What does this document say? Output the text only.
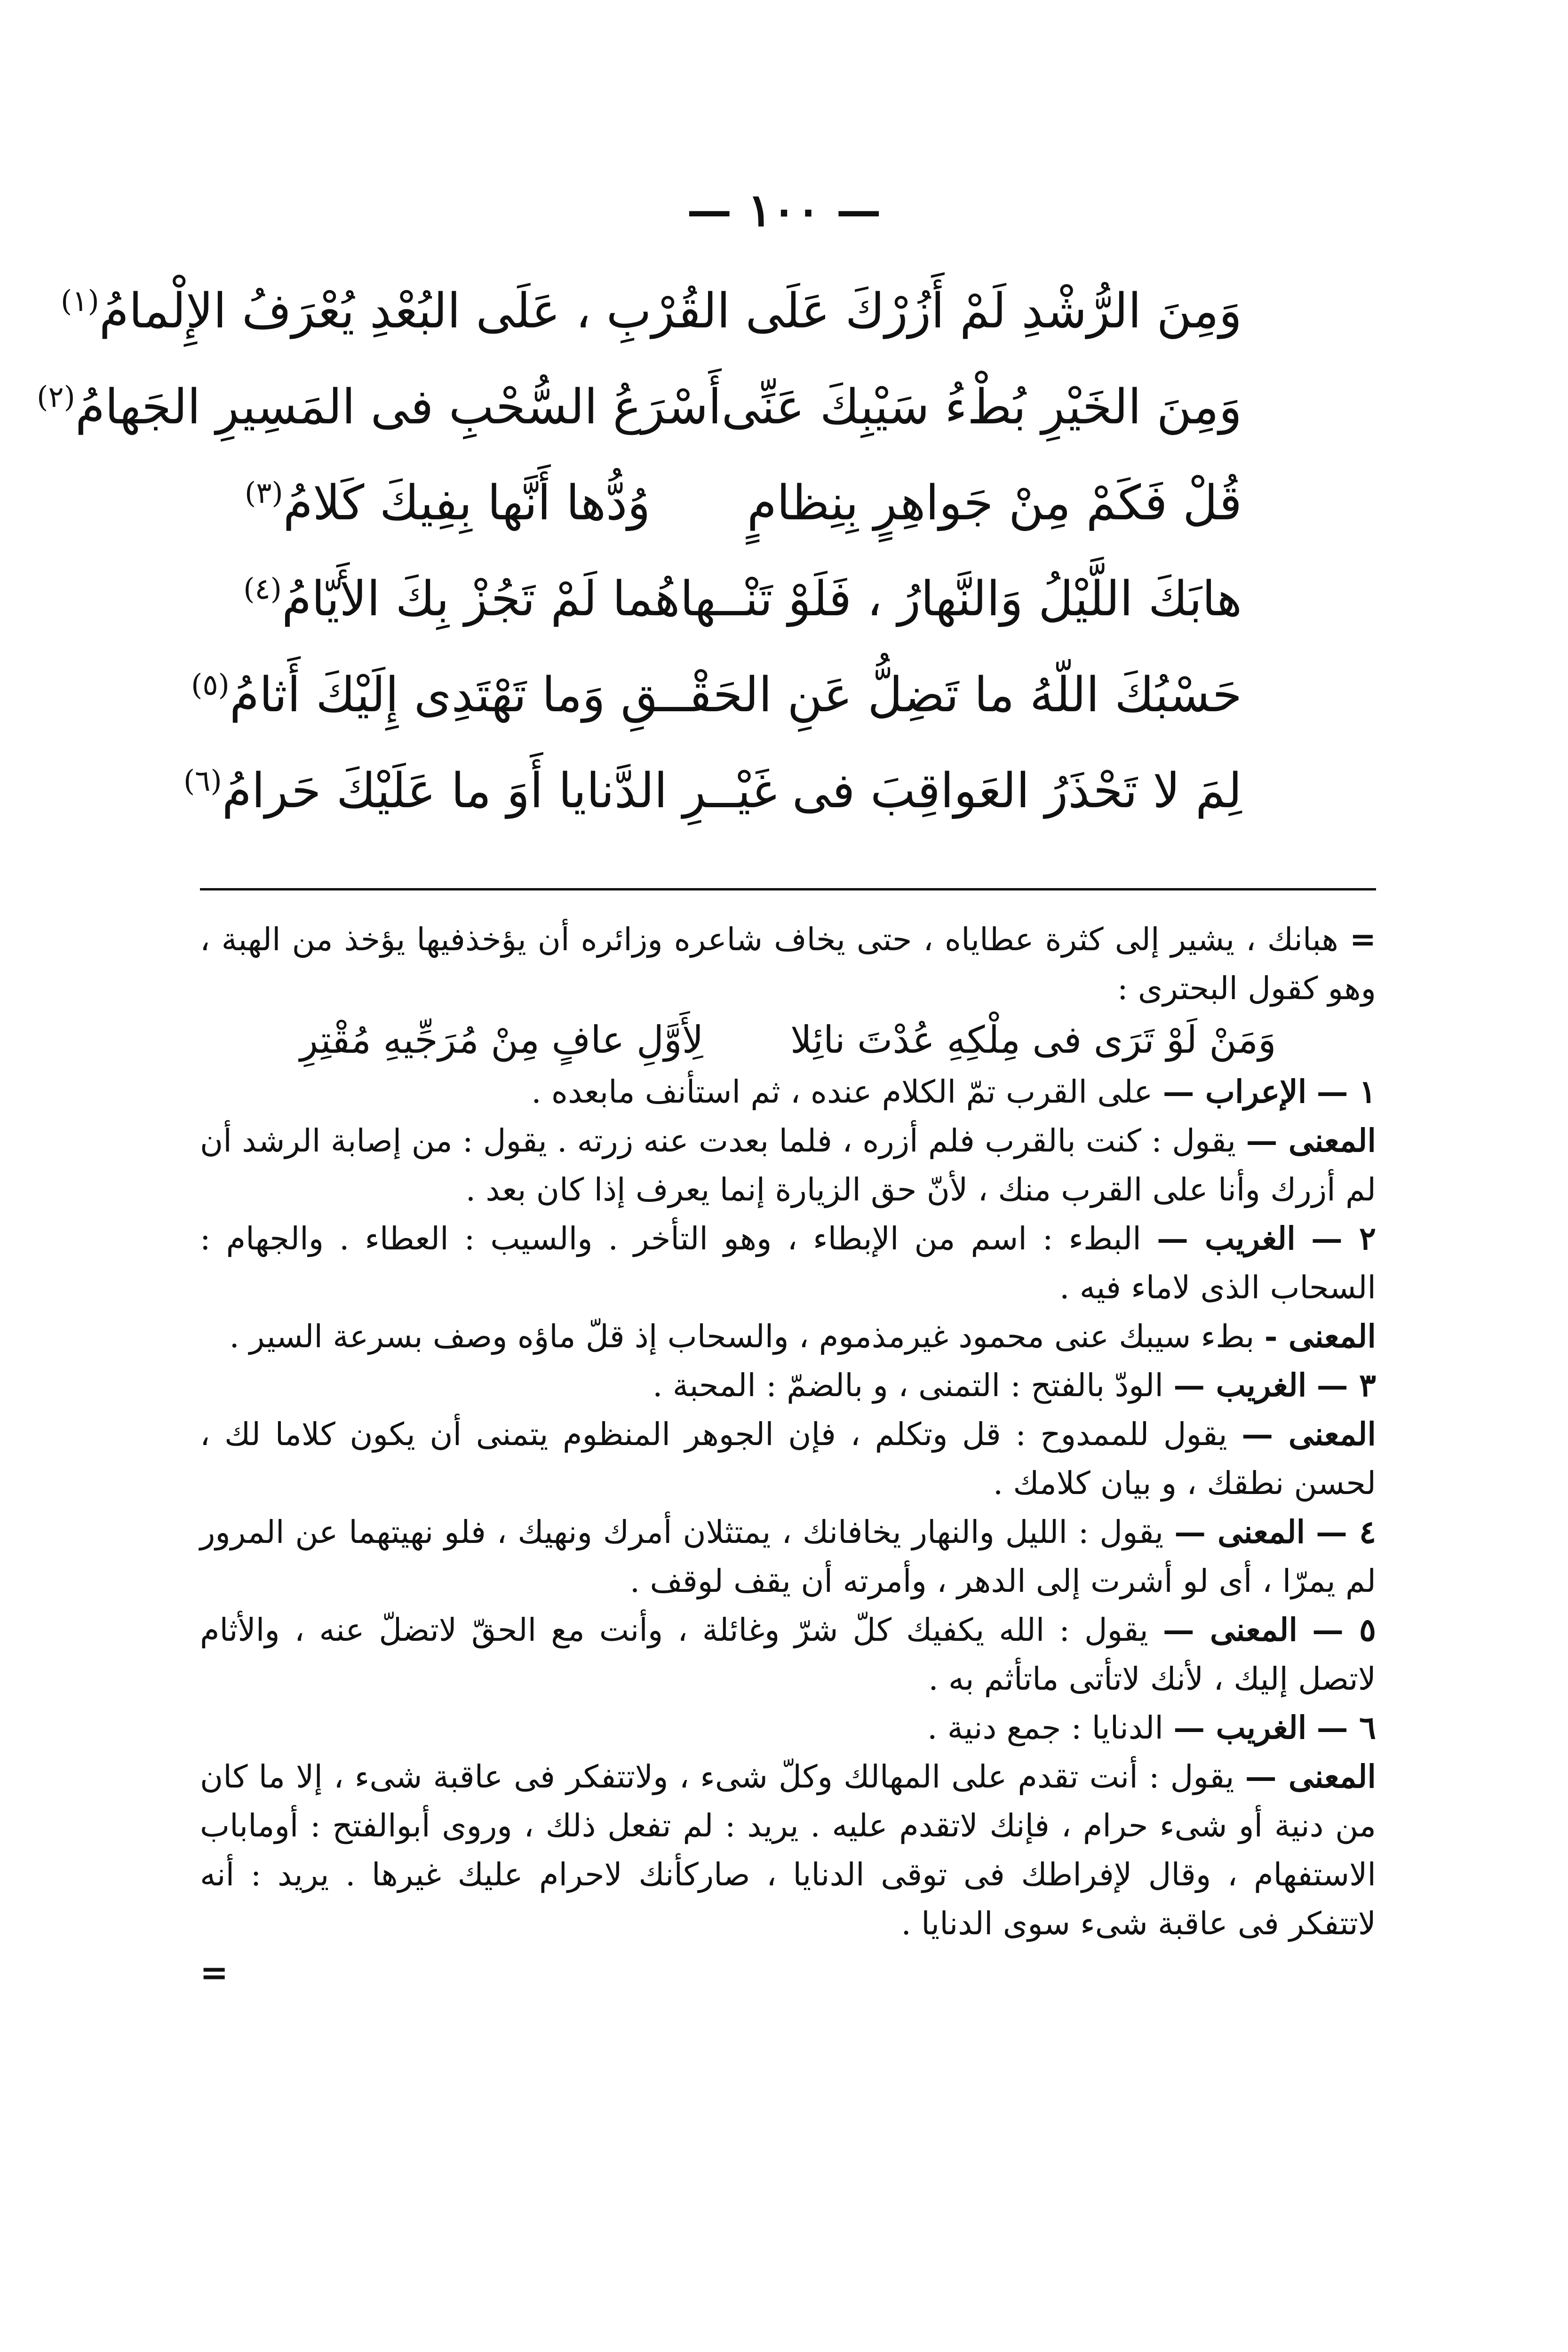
— ١٠٠ —
وَمِنَ الرُّشْدِ لَمْ أَزُرْكَ عَلَى القُرْ
بِ ، عَلَى البُعْدِ يُعْرَفُ الإِلْمامُ$^{(١)}$
وَمِنَ الخَيْرِ بُطْءُ سَيْبِكَ عَنِّى
أَسْرَعُ السُّحْبِ فى المَسِيرِ الجَهامُ$^{(٢)}$
قُلْ فَكَمْ مِنْ جَواهِرٍ بِنِظامٍ
وُدُّها أَنَّها بِفِيكَ كَلامُ$^{(٣)}$
هابَكَ اللَّيْلُ وَالنَّهارُ ، فَلَوْ تَنْـ
ـهاهُما لَمْ تَجُزْ بِكَ الأَيّامُ$^{(٤)}$
حَسْبُكَ اللّهُ ما تَضِلُّ عَنِ الحَقْـ
ـقِ وَما تَهْتَدِى إِلَيْكَ أَثامُ$^{(٥)}$
لِمَ لا تَحْذَرُ العَواقِبَ فى غَيْـ
ـرِ الدَّنايا أَوَ ما عَلَيْكَ حَرامُ$^{(٦)}$

= هبانك ، يشير إلى كثرة عطاياه ، حتى يخاف شاعره وزائره أن يؤخذفيها يؤخذ من الهبة ، وهو كقول البحترى :

وَمَنْ لَوْ تَرَى فى مِلْكِهِ عُدْتَ نائِلا
لِأَوَّلِ عافٍ مِنْ مُرَجِّيهِ مُقْتِرِ

١ — الإعراب — على القرب تمّ الكلام عنده ، ثم استأنف مابعده .

المعنى — يقول : كنت بالقرب فلم أزره ، فلما بعدت عنه زرته . يقول : من إصابة الرشد أن لم أزرك وأنا على القرب منك ، لأنّ حق الزيارة إنما يعرف إذا كان بعد .

٢ — الغريب — البطء : اسم من الإبطاء ، وهو التأخر . والسيب : العطاء . والجهام : السحاب الذى لاماء فيه .

المعنى - بطء سيبك عنى محمود غيرمذموم ، والسحاب إذ قلّ ماؤه وصف بسرعة السير .

٣ — الغريب — الودّ بالفتح : التمنى ، و بالضمّ : المحبة .

المعنى — يقول للممدوح : قل وتكلم ، فإن الجوهر المنظوم يتمنى أن يكون كلاما لك ، لحسن نطقك ، و بيان كلامك .

٤ — المعنى — يقول : الليل والنهار يخافانك ، يمتثلان أمرك ونهيك ، فلو نهيتهما عن المرور لم يمرّا ، أى لو أشرت إلى الدهر ، وأمرته أن يقف لوقف .

٥ — المعنى — يقول : الله يكفيك كلّ شرّ وغائلة ، وأنت مع الحقّ لاتضلّ عنه ، والأثام لاتصل إليك ، لأنك لاتأتى ماتأثم به .

٦ — الغريب — الدنايا : جمع دنية .

المعنى — يقول : أنت تقدم على المهالك وكلّ شىء ، ولاتتفكر فى عاقبة شىء ، إلا ما كان من دنية أو شىء حرام ، فإنك لاتقدم عليه . يريد : لم تفعل ذلك ، وروى أبوالفتح : أوماباب الاستفهام ، وقال لإفراطك فى توقى الدنايا ، صاركأنك لاحرام عليك غيرها . يريد : أنه لاتتفكر فى عاقبة شىء سوى الدنايا .

=
